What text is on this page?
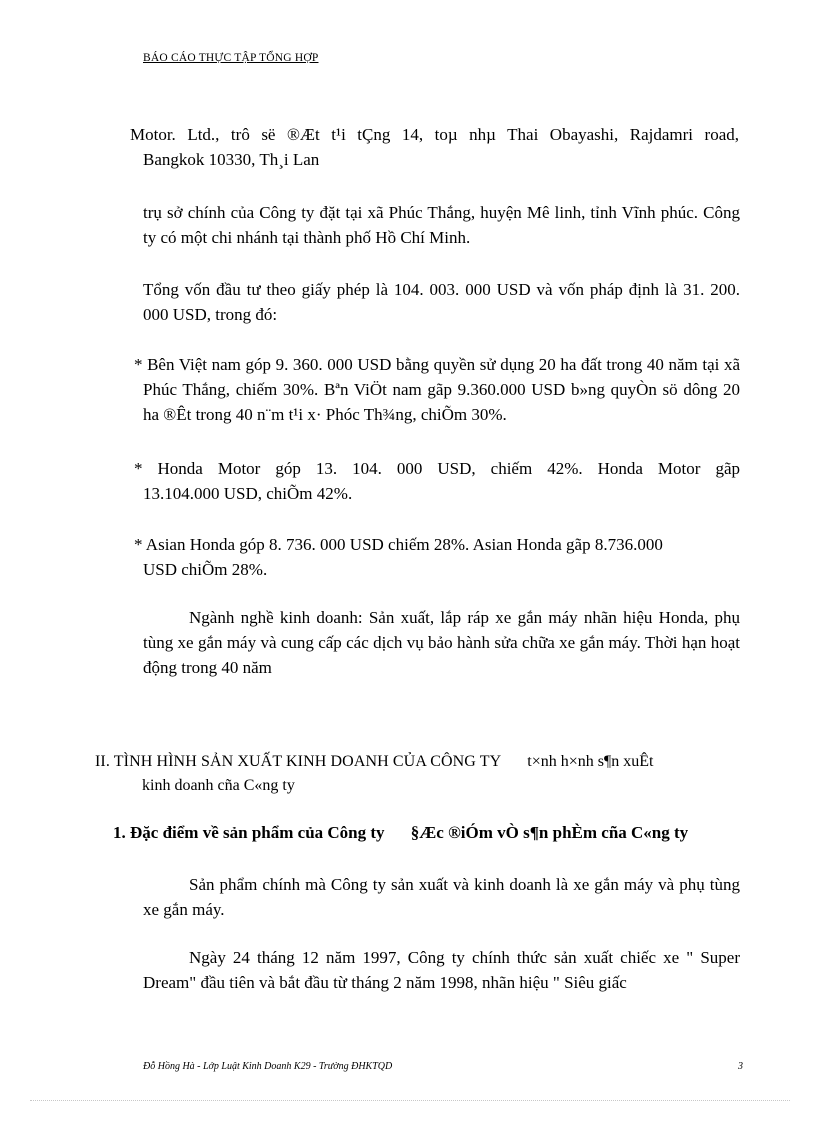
BÁO CÁO THỰC TẬP TỔNG HỢP
Motor. Ltd., trô së ®Æt t¹i tÇng 14, toµ nhµ Thai Obayashi, Rajdamri road,
Bangkok 10330, Th¸i Lan
trụ sở chính của Công ty đặt tại xã Phúc Thắng, huyện Mê linh, tỉnh Vĩnh phúc. Công ty có một chi nhánh tại thành phố Hồ Chí Minh.
Tổng vốn đầu tư theo giấy phép là 104. 003. 000 USD và vốn pháp định là 31. 200. 000 USD, trong đó:
* Bên Việt nam góp 9. 360. 000 USD bằng quyền sử dụng 20 ha đất trong 40 năm tại xã Phúc Thắng, chiếm 30%. Bªn ViÖt nam gãp 9.360.000 USD b»ng quyÒn sö dông 20 ha ®Êt trong 40 n¨m t¹i x· Phóc Th¾ng, chiÕm 30%.
* Honda Motor góp 13. 104. 000 USD, chiếm 42%. Honda Motor gãp
13.104.000 USD, chiÕm 42%.
* Asian Honda góp 8. 736. 000 USD chiếm 28%. Asian Honda gãp 8.736.000
USD chiÕm 28%.
Ngành nghề kinh doanh: Sản xuất, lắp ráp xe gắn máy nhãn hiệu Honda, phụ tùng xe gắn máy và cung cấp các dịch vụ bảo hành sửa chữa xe gắn máy. Thời hạn hoạt động trong 40 năm
II. TÌNH HÌNH SẢN XUẤT KINH DOANH CỦA CÔNG TY t×nh h×nh s¶n xuÊt
kinh doanh cña C«ng ty
1. Đặc điểm về sản phẩm của Công ty §Æc ®iÓm vÒ s¶n phÈm cña C«ng ty
Sản phẩm chính mà Công ty sản xuất và kinh doanh là xe gắn máy và phụ tùng xe gắn máy.
Ngày 24 tháng 12 năm 1997, Công ty chính thức sản xuất chiếc xe " Super Dream" đầu tiên và bắt đầu từ tháng 2 năm 1998, nhãn hiệu " Siêu giấc
Đỗ Hồng Hà - Lớp Luật Kinh Doanh K29 - Trường ĐHKTQD	3
